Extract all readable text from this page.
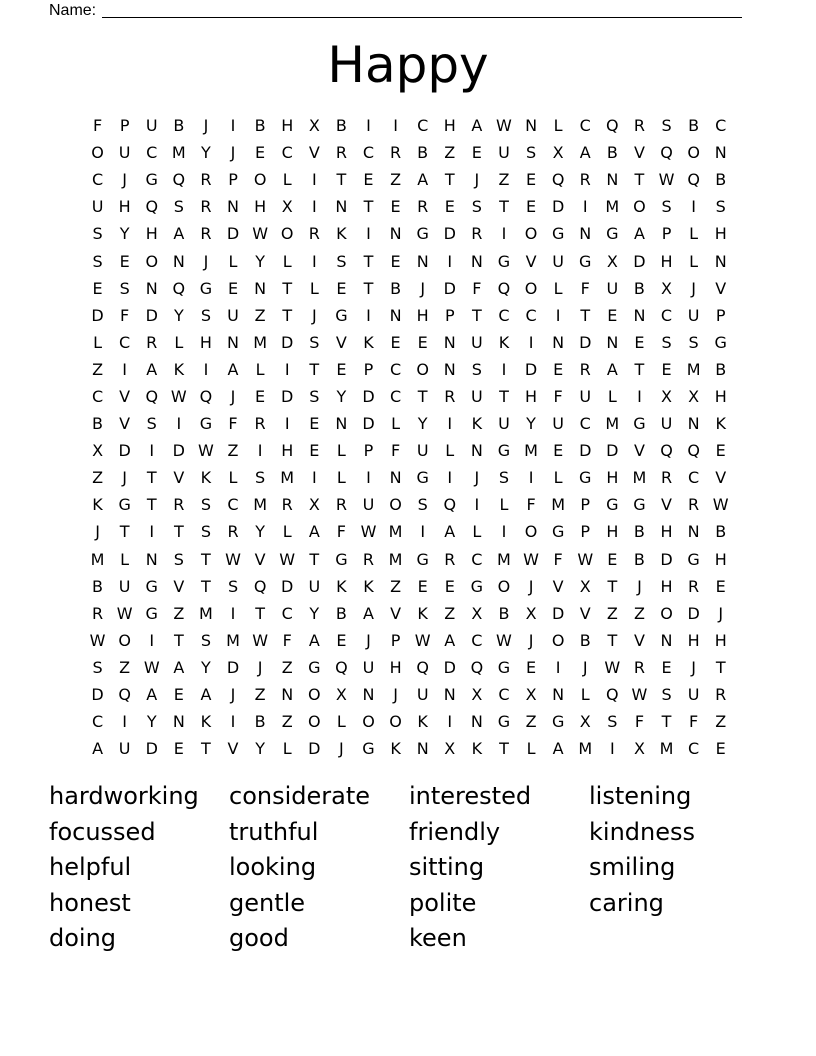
Name:
Happy
F	P	U B	J	I	B H X	B	I	I	C H A W N	L	C Q R	S	B	C
O U C M Y	J	E	C	V	R C R	B	Z	E	U	S	X	A	B	V Q O N
C	J	G Q R	P O	L	I	T	E	Z	A	T	J	Z	E Q R N	T W Q B
U H Q S	R N H X	I	N	T	E	R	E	S	T	E D	I	M O S	I	S
S	Y	H A	R D W O R	K	I	N G D R	I	O G N G A	P	L	H
S	E O N	J	L	Y	L	I	S	T	E	N	I	N G V U G X D H	L	N
E	S	N Q G E	N	T	L	E	T	B	J	D	F	Q O	L	F	U B	X	J	V
D	F	D	Y	S	U Z	T	J	G	I	N H	P	T	C C	I	T	E	N C U	P
L	C R	L	H N M D S	V	K	E	E	N U K	I	N D N	E	S	S G
Z	I	A	K	I	A	L	I	T	E	P	C O N	S	I	D E	R	A	T	E M B
C	V Q W Q	J	E D S	Y	D C	T	R U	T	H	F	U	L	I	X	X H
B	V	S	I	G	F	R	I	E	N D	L	Y	I	K U	Y	U C M G U N K
X D	I	D W Z	I	H	E	L	P	F	U	L	N G M E D D V Q Q E
Z	J	T	V	K	L	S M	I	L	I	N G	I	J	S	I	L	G H M R C	V
K G	T	R	S	C M R	X	R U O S Q	I	L	F M P	G G V	R W
J	T	I	T	S	R	Y	L	A	F W M	I	A	L	I	O G	P	H B H N B
M L	N	S	T W V W T	G R M G R C M W F W E	B D G H
B U G V	T	S Q D U K	K	Z	E	E G O	J	V	X	T	J	H R	E
R W G Z M	I	T	C	Y	B	A	V	K	Z	X	B	X D V	Z	Z O D	J
W O	I	T	S M W F	A	E	J	P W A	C W	J	O B	T	V N H H
S	Z W A	Y	D	J	Z G Q U H Q D Q G E	I	J	W R	E	J	T
D Q A	E	A	J	Z N O X N	J	U N X	C	X N	L	Q W S	U R
C	I	Y	N K	I	B	Z O	L	O O K	I	N G Z G X	S	F	T	F	Z
A U D E	T	V	Y	L	D	J	G K N X	K	T	L	A M	I	X M C	E
hardworking	considerate	interested	listening
focussed	truthful	friendly	kindness
helpful	looking	sitting	smiling
honest	gentle	polite	caring
doing	good	keen
